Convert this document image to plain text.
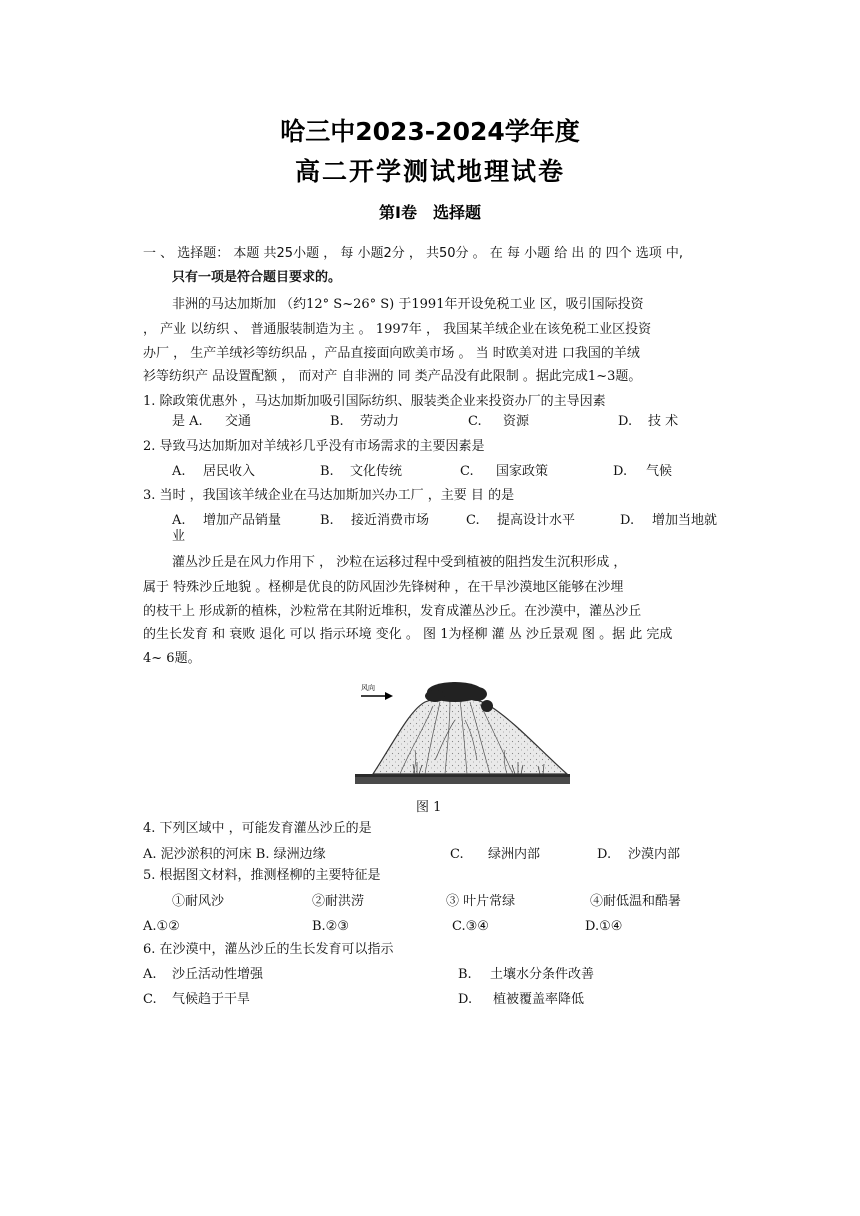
哈三中2023-2024学年度
高二开学测试地理试卷
第I卷　选择题
一 、 选择题： 本题 共25小题 ， 每 小题2分 ， 共50分 。 在 每 小题 给 出 的 四个 选项 中,
只有一项是符合题目要求的。
非洲的马达加斯加 （约12° S~26° S) 于1991年开设免税工业 区，吸引国际投资
， 产业 以纺织 、 普通服装制造为主 。 1997年 ， 我国某羊绒企业在该免税工业区投资
办厂 ， 生产羊绒衫等纺织品 ，产品直接面向欧美市场 。 当 时欧美对进 口我国的羊绒
衫等纺织产 品设置配额 ， 而对产 自非洲的 同 类产品没有此限制 。据此完成1~3题。
1. 除政策优惠外 ，马达加斯加吸引国际纺织、服装类企业来投资办厂的主导因素
是 A. 交通	B. 劳动力	C. 资源	D. 技 术
2. 导致马达加斯加对羊绒衫几乎没有市场需求的主要因素是
A. 居民收入	B. 文化传统	C. 国家政策	D. 气候
3. 当时 ，我国该羊绒企业在马达加斯加兴办工厂 ，主要 目 的是
A. 增加产品销量	B. 接近消费市场	C. 提高设计水平	D. 增加当地就
业
灌丛沙丘是在风力作用下 ， 沙粒在运移过程中受到植被的阻挡发生沉积形成 ，
属于 特殊沙丘地貌 。柽柳是优良的防风固沙先锋树种 ，在干旱沙漠地区能够在沙埋
的枝干上 形成新的植株，沙粒常在其附近堆积，发育成灌丛沙丘。在沙漠中，灌丛沙丘
的生长发育 和 衰败 退化 可以 指示环境 变化 。 图 1为柽柳 灌 丛 沙丘景观 图 。据 此 完成
4~ 6题。
风向
图 1
4. 下列区域中 ，可能发育灌丛沙丘的是
A. 泥沙淤积的河床 B. 绿洲边缘	C. 绿洲内部	D. 沙漠内部
5. 根据图文材料，推测柽柳的主要特征是
①耐风沙	②耐洪涝	③ 叶片常绿	④耐低温和酷暑
A.①②	B.②③	C.③④	D.①④
6. 在沙漠中，灌丛沙丘的生长发育可以指示
A. 沙丘活动性增强	B. 土壤水分条件改善
C. 气候趋于干旱	D. 植被覆盖率降低
